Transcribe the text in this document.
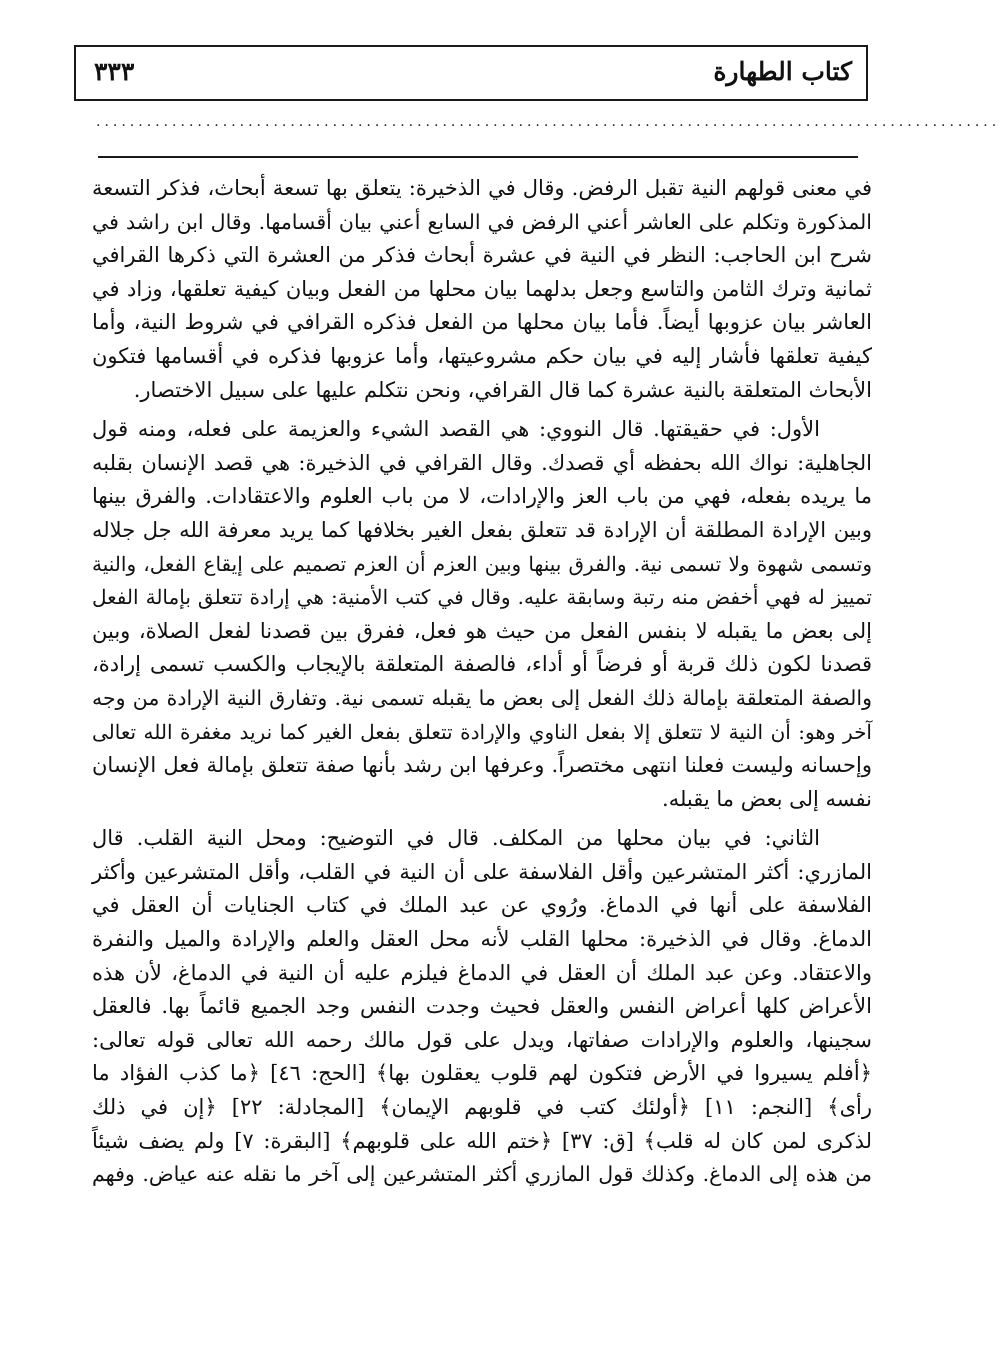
كتاب الطهارة
٣٣٣
...........................................................................................................
في معنى قولهم النية تقبل الرفض. وقال في الذخيرة: يتعلق بها تسعة أبحاث، فذكر التسعة
المذكورة وتكلم على العاشر أعني الرفض في السابع أعني بيان أقسامها. وقال ابن راشد في
شرح ابن الحاجب: النظر في النية في عشرة أبحاث فذكر من العشرة التي ذكرها القرافي
ثمانية وترك الثامن والتاسع وجعل بدلهما بيان محلها من الفعل وبيان كيفية تعلقها، وزاد في
العاشر بيان عزوبها أيضاً. فأما بيان محلها من الفعل فذكره القرافي في شروط النية، وأما
كيفية تعلقها فأشار إليه في بيان حكم مشروعيتها، وأما عزوبها فذكره في أقسامها فتكون
الأبحاث المتعلقة بالنية عشرة كما قال القرافي، ونحن نتكلم عليها على سبيل الاختصار.
الأول: في حقيقتها. قال النووي: هي القصد الشيء والعزيمة على فعله، ومنه قول
الجاهلية: نواك الله بحفظه أي قصدك. وقال القرافي في الذخيرة: هي قصد الإنسان بقلبه
ما يريده بفعله، فهي من باب العز والإرادات، لا من باب العلوم والاعتقادات. والفرق بينها
وبين الإرادة المطلقة أن الإرادة قد تتعلق بفعل الغير بخلافها كما يريد معرفة الله جل جلاله
وتسمى شهوة ولا تسمى نية. والفرق بينها وبين العزم أن العزم تصميم على إيقاع الفعل، والنية
تمييز له فهي أخفض منه رتبة وسابقة عليه. وقال في كتب الأمنية: هي إرادة تتعلق بإمالة الفعل
إلى بعض ما يقبله لا بنفس الفعل من حيث هو فعل، ففرق بين قصدنا لفعل الصلاة، وبين
قصدنا لكون ذلك قربة أو فرضاً أو أداء، فالصفة المتعلقة بالإيجاب والكسب تسمى إرادة،
والصفة المتعلقة بإمالة ذلك الفعل إلى بعض ما يقبله تسمى نية. وتفارق النية الإرادة من وجه
آخر وهو: أن النية لا تتعلق إلا بفعل الناوي والإرادة تتعلق بفعل الغير كما نريد مغفرة الله تعالى
وإحسانه وليست فعلنا انتهى مختصراً. وعرفها ابن رشد بأنها صفة تتعلق بإمالة فعل الإنسان
نفسه إلى بعض ما يقبله.
الثاني: في بيان محلها من المكلف. قال في التوضيح: ومحل النية القلب. قال
المازري: أكثر المتشرعين وأقل الفلاسفة على أن النية في القلب، وأقل المتشرعين وأكثر
الفلاسفة على أنها في الدماغ. ورُوي عن عبد الملك في كتاب الجنايات أن العقل في
الدماغ. وقال في الذخيرة: محلها القلب لأنه محل العقل والعلم والإرادة والميل والنفرة
والاعتقاد. وعن عبد الملك أن العقل في الدماغ فيلزم عليه أن النية في الدماغ، لأن هذه
الأعراض كلها أعراض النفس والعقل فحيث وجدت النفس وجد الجميع قائماً بها. فالعقل
سجينها، والعلوم والإرادات صفاتها، ويدل على قول مالك رحمه الله تعالى قوله تعالى:
﴿أفلم يسيروا في الأرض فتكون لهم قلوب يعقلون بها﴾ [الحج: ٤٦] ﴿ما كذب الفؤاد ما
رأى﴾ [النجم: ١١] ﴿أولئك كتب في قلوبهم الإيمان﴾ [المجادلة: ٢٢] ﴿إن في ذلك
لذكرى لمن كان له قلب﴾ [ق: ٣٧] ﴿ختم الله على قلوبهم﴾ [البقرة: ٧] ولم يضف شيئاً
من هذه إلى الدماغ. وكذلك قول المازري أكثر المتشرعين إلى آخر ما نقله عنه عياض. وفهم
